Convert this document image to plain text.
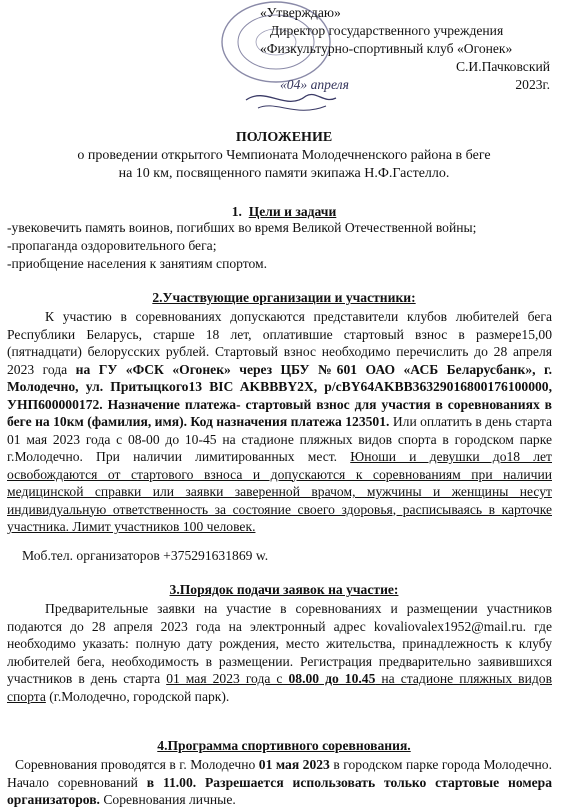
«Утверждаю»
Директор государственного учреждения
«Физкультурно-спортивный клуб «Огонек»
С.И.Пачковский
«04» апреля	2023г.
ПОЛОЖЕНИЕ
о проведении открытого Чемпионата Молодечненского района в беге
на 10 км, посвященного памяти экипажа Н.Ф.Гастелло.
1. Цели и задачи
-увековечить память воинов, погибших во время Великой Отечественной войны;
-пропаганда оздоровительного бега;
-приобщение населения к занятиям спортом.
2.Участвующие организации и участники:
К участию в соревнованиях допускаются представители клубов любителей бега Республики Беларусь, старше 18 лет, оплатившие стартовый взнос в размере15,00 (пятнадцати) белорусских рублей. Стартовый взнос необходимо перечислить до 28 апреля 2023 года на ГУ «ФСК «Огонек» через ЦБУ №601 ОАО «АСБ Беларусбанк», г. Молодечно, ул. Притыцкого13 BIC AKBBBY2X, р/сBY64AKBB36329016800176100000, УНП600000172. Назначение платежа- стартовый взнос для участия в соревнованиях в беге на 10км (фамилия, имя). Код назначения платежа 123501. Или оплатить в день старта 01 мая 2023 года с 08-00 до 10-45 на стадионе пляжных видов спорта в городском парке г.Молодечно. При наличии лимитированных мест. Юноши и девушки до18 лет освобождаются от стартового взноса и допускаются к соревнованиям при наличии медицинской справки или заявки заверенной врачом, мужчины и женщины несут индивидуальную ответственность за состояние своего здоровья, расписываясь в карточке участника. Лимит участников 100 человек.
Моб.тел. организаторов +375291631869 w.
3.Порядок подачи заявок на участие:
Предварительные заявки на участие в соревнованиях и размещении участников подаются до 28 апреля 2023 года на электронный адрес kovaliovalex1952@mail.ru. где необходимо указать: полную дату рождения, место жительства, принадлежность к клубу любителей бега, необходимость в размещении. Регистрация предварительно заявившихся участников в день старта 01 мая 2023 года с 08.00 до 10.45 на стадионе пляжных видов спорта (г.Молодечно, городской парк).
4.Программа спортивного соревнования.
Соревнования проводятся в г. Молодечно 01 мая 2023 в городском парке города Молодечно. Начало соревнований в 11.00. Разрешается использовать только стартовые номера организаторов. Соревнования личные.
